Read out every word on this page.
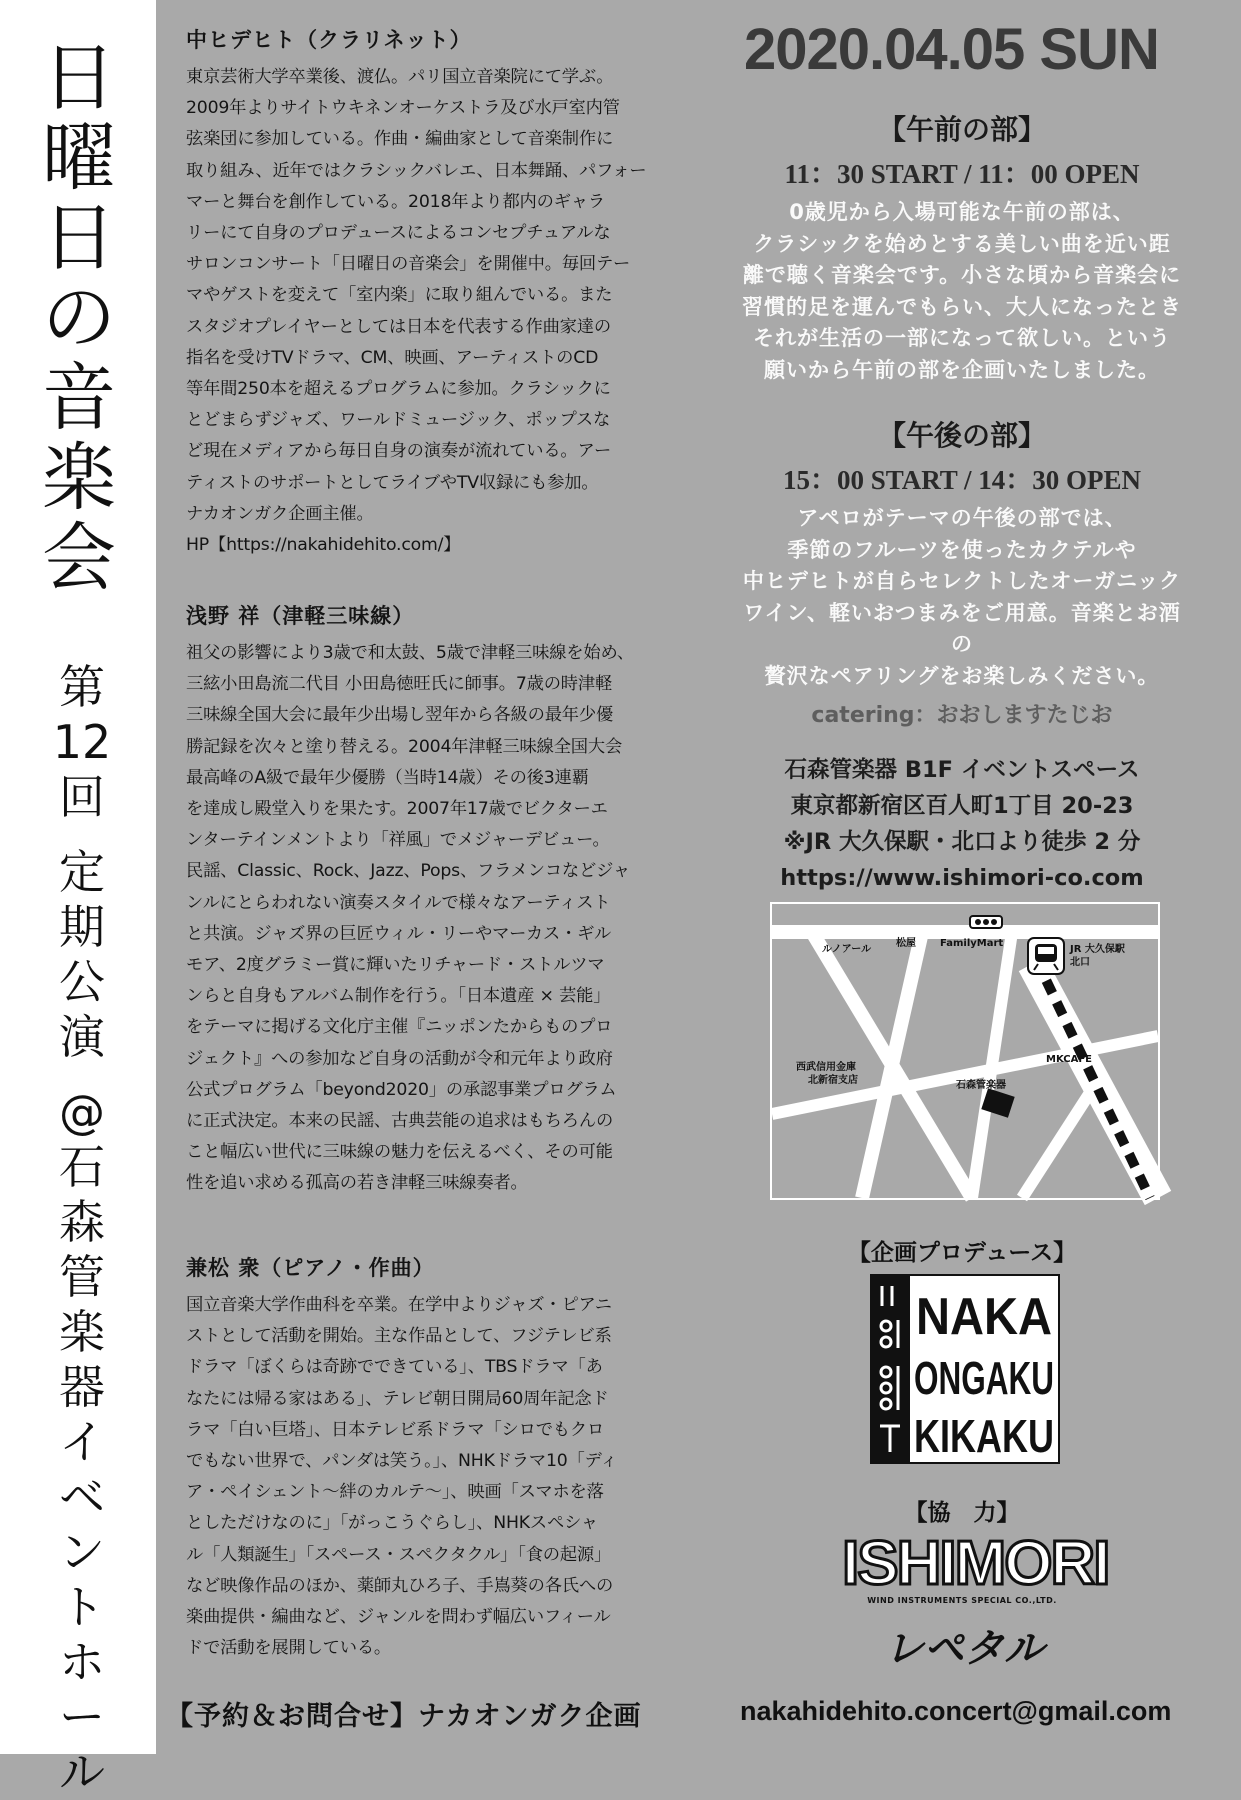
日
曜
日
の
音
楽
会
第
12
回
定
期
公
演
@
石
森
管
楽
器
イ
ベ
ン
ト
ホ
ー
ル
中ヒデヒト（クラリネット）

東京芸術大学卒業後、渡仏。パリ国立音楽院にて学ぶ。
2009年よりサイトウキネンオーケストラ及び水戸室内管
弦楽団に参加している。作曲・編曲家として音楽制作に
取り組み、近年ではクラシックバレエ、日本舞踊、パフォー
マーと舞台を創作している。2018年より都内のギャラ
リーにて自身のプロデュースによるコンセプチュアルな
サロンコンサート「日曜日の音楽会」を開催中。毎回テー
マやゲストを変えて「室内楽」に取り組んでいる。また
スタジオプレイヤーとしては日本を代表する作曲家達の
指名を受けTVドラマ、CM、映画、アーティストのCD
等年間250本を超えるプログラムに参加。クラシックに
とどまらずジャズ、ワールドミュージック、ポップスな
ど現在メディアから毎日自身の演奏が流れている。アー
ティストのサポートとしてライブやTV収録にも参加。
ナカオンガク企画主催。
HP【https://nakahidehito.com/】

浅野 祥（津軽三味線）

祖父の影響により3歳で和太鼓、5歳で津軽三味線を始め、
三絃小田島流二代目 小田島徳旺氏に師事。7歳の時津軽
三味線全国大会に最年少出場し翌年から各級の最年少優
勝記録を次々と塗り替える。2004年津軽三味線全国大会
最高峰のA級で最年少優勝（当時14歳）その後3連覇
を達成し殿堂入りを果たす。2007年17歳でビクターエ
ンターテインメントより「祥風」でメジャーデビュー。
民謡、Classic、Rock、Jazz、Pops、フラメンコなどジャ
ンルにとらわれない演奏スタイルで様々なアーティスト
と共演。ジャズ界の巨匠ウィル・リーやマーカス・ギル
モア、2度グラミー賞に輝いたリチャード・ストルツマ
ンらと自身もアルバム制作を行う。「日本遺産 × 芸能」
をテーマに掲げる文化庁主催『ニッポンたからものプロ
ジェクト』への参加など自身の活動が令和元年より政府
公式プログラム「beyond2020」の承認事業プログラム
に正式決定。本来の民謡、古典芸能の追求はもちろんの
こと幅広い世代に三味線の魅力を伝えるべく、その可能
性を追い求める孤高の若き津軽三味線奏者。

兼松 衆（ピアノ・作曲）

国立音楽大学作曲科を卒業。在学中よりジャズ・ピアニ
ストとして活動を開始。主な作品として、フジテレビ系
ドラマ「ぼくらは奇跡でできている」、TBSドラマ「あ
なたには帰る家はある」、テレビ朝日開局60周年記念ド
ラマ「白い巨塔」、日本テレビ系ドラマ「シロでもクロ
でもない世界で、パンダは笑う。」、NHKドラマ10「ディ
ア・ペイシェント〜絆のカルテ〜」、映画「スマホを落
としただけなのに」「がっこうぐらし」、NHKスペシャ
ル「人類誕生」「スペース・スペクタクル」「食の起源」
など映像作品のほか、薬師丸ひろ子、手嶌葵の各氏への
楽曲提供・編曲など、ジャンルを問わず幅広いフィール
ドで活動を展開している。

2020.04.05 SUN
【午前の部】
11：30 START / 11：00 OPEN
0歳児から入場可能な午前の部は、
クラシックを始めとする美しい曲を近い距
離で聴く音楽会です。小さな頃から音楽会に
習慣的足を運んでもらい、大人になったとき
それが生活の一部になって欲しい。という
願いから午前の部を企画いたしました。
【午後の部】
15：00 START / 14：30 OPEN
アペロがテーマの午後の部では、
季節のフルーツを使ったカクテルや
中ヒデヒトが自らセレクトしたオーガニック
ワイン、軽いおつまみをご用意。音楽とお酒の
贅沢なペアリングをお楽しみください。
catering：おおしますたじお
石森管楽器 B1F イベントスペース
東京都新宿区百人町1丁目 20-23
※JR 大久保駅・北口より徒歩 2 分
https://www.ishimori-co.com
ルノアール
松屋 FamilyMart
JR 大久保駅
北口
西武信用金庫
北新宿支店
MKCAFE
石森管楽器
【企画プロデュース】
NAKA
ONGAKU
KIKAKU
【協　力】
ISHIMORI
WIND INSTRUMENTS SPECIAL CO.,LTD.
レペタル
【予約＆お問合せ】ナカオンガク企画	nakahidehito.concert@gmail.com
